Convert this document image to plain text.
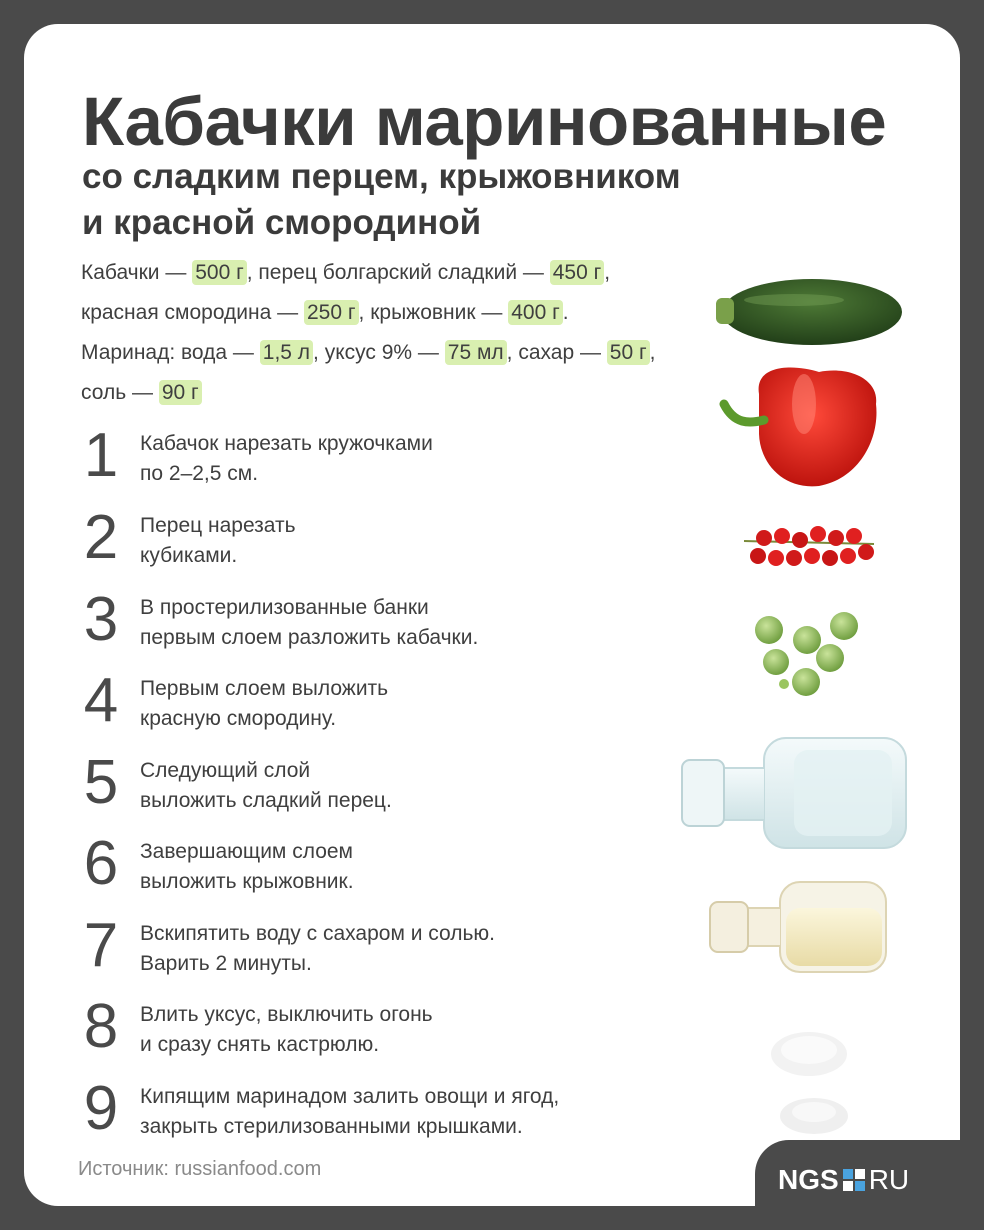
Кабачки маринованные
со сладким перцем, крыжовником
и красной смородиной
Кабачки — 500 г , перец болгарский сладкий — 450 г ,
красная смородина — 250 г , крыжовник — 400 г .
Маринад: вода — 1,5 л , уксус 9% — 75 мл , сахар — 50 г ,
соль — 90 г
1	Кабачок нарезать кружочками
по 2–2,5 см.
2	Перец нарезать
кубиками.
3	В простерилизованные банки
первым слоем разложить кабачки.
4	Первым слоем выложить
красную смородину.
5	Следующий слой
выложить сладкий перец.
6	Завершающим слоем
выложить крыжовник.
7	Вскипятить воду с сахаром и солью.
Варить 2 минуты.
8	Влить уксус, выключить огонь
и сразу снять кастрюлю.
9	Кипящим маринадом залить овощи и ягод,
закрыть стерилизованными крышками.
Источник: russianfood.com	NGS RU
